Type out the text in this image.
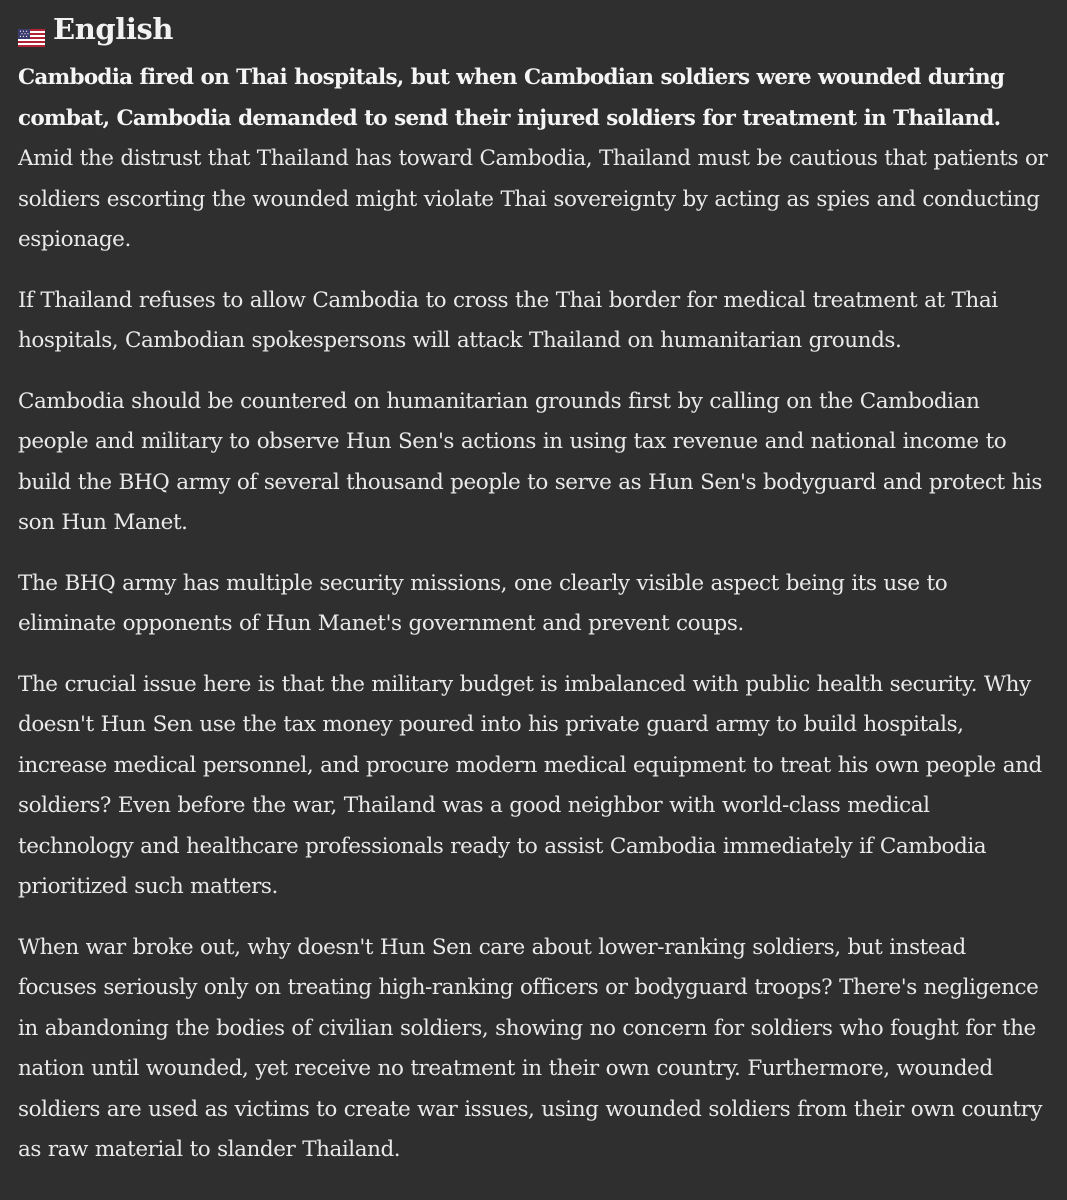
English

Cambodia fired on Thai hospitals, but when Cambodian soldiers were wounded during combat, Cambodia demanded to send their injured soldiers for treatment in Thailand. Amid the distrust that Thailand has toward Cambodia, Thailand must be cautious that patients or soldiers escorting the wounded might violate Thai sovereignty by acting as spies and conducting espionage.

If Thailand refuses to allow Cambodia to cross the Thai border for medical treatment at Thai hospitals, Cambodian spokespersons will attack Thailand on humanitarian grounds.

Cambodia should be countered on humanitarian grounds first by calling on the Cambodian people and military to observe Hun Sen's actions in using tax revenue and national income to build the BHQ army of several thousand people to serve as Hun Sen's bodyguard and protect his son Hun Manet.

The BHQ army has multiple security missions, one clearly visible aspect being its use to eliminate opponents of Hun Manet's government and prevent coups.

The crucial issue here is that the military budget is imbalanced with public health security. Why doesn't Hun Sen use the tax money poured into his private guard army to build hospitals, increase medical personnel, and procure modern medical equipment to treat his own people and soldiers? Even before the war, Thailand was a good neighbor with world-class medical technology and healthcare professionals ready to assist Cambodia immediately if Cambodia prioritized such matters.

When war broke out, why doesn't Hun Sen care about lower-ranking soldiers, but instead focuses seriously only on treating high-ranking officers or bodyguard troops? There's negligence in abandoning the bodies of civilian soldiers, showing no concern for soldiers who fought for the nation until wounded, yet receive no treatment in their own country. Furthermore, wounded soldiers are used as victims to create war issues, using wounded soldiers from their own country as raw material to slander Thailand.
